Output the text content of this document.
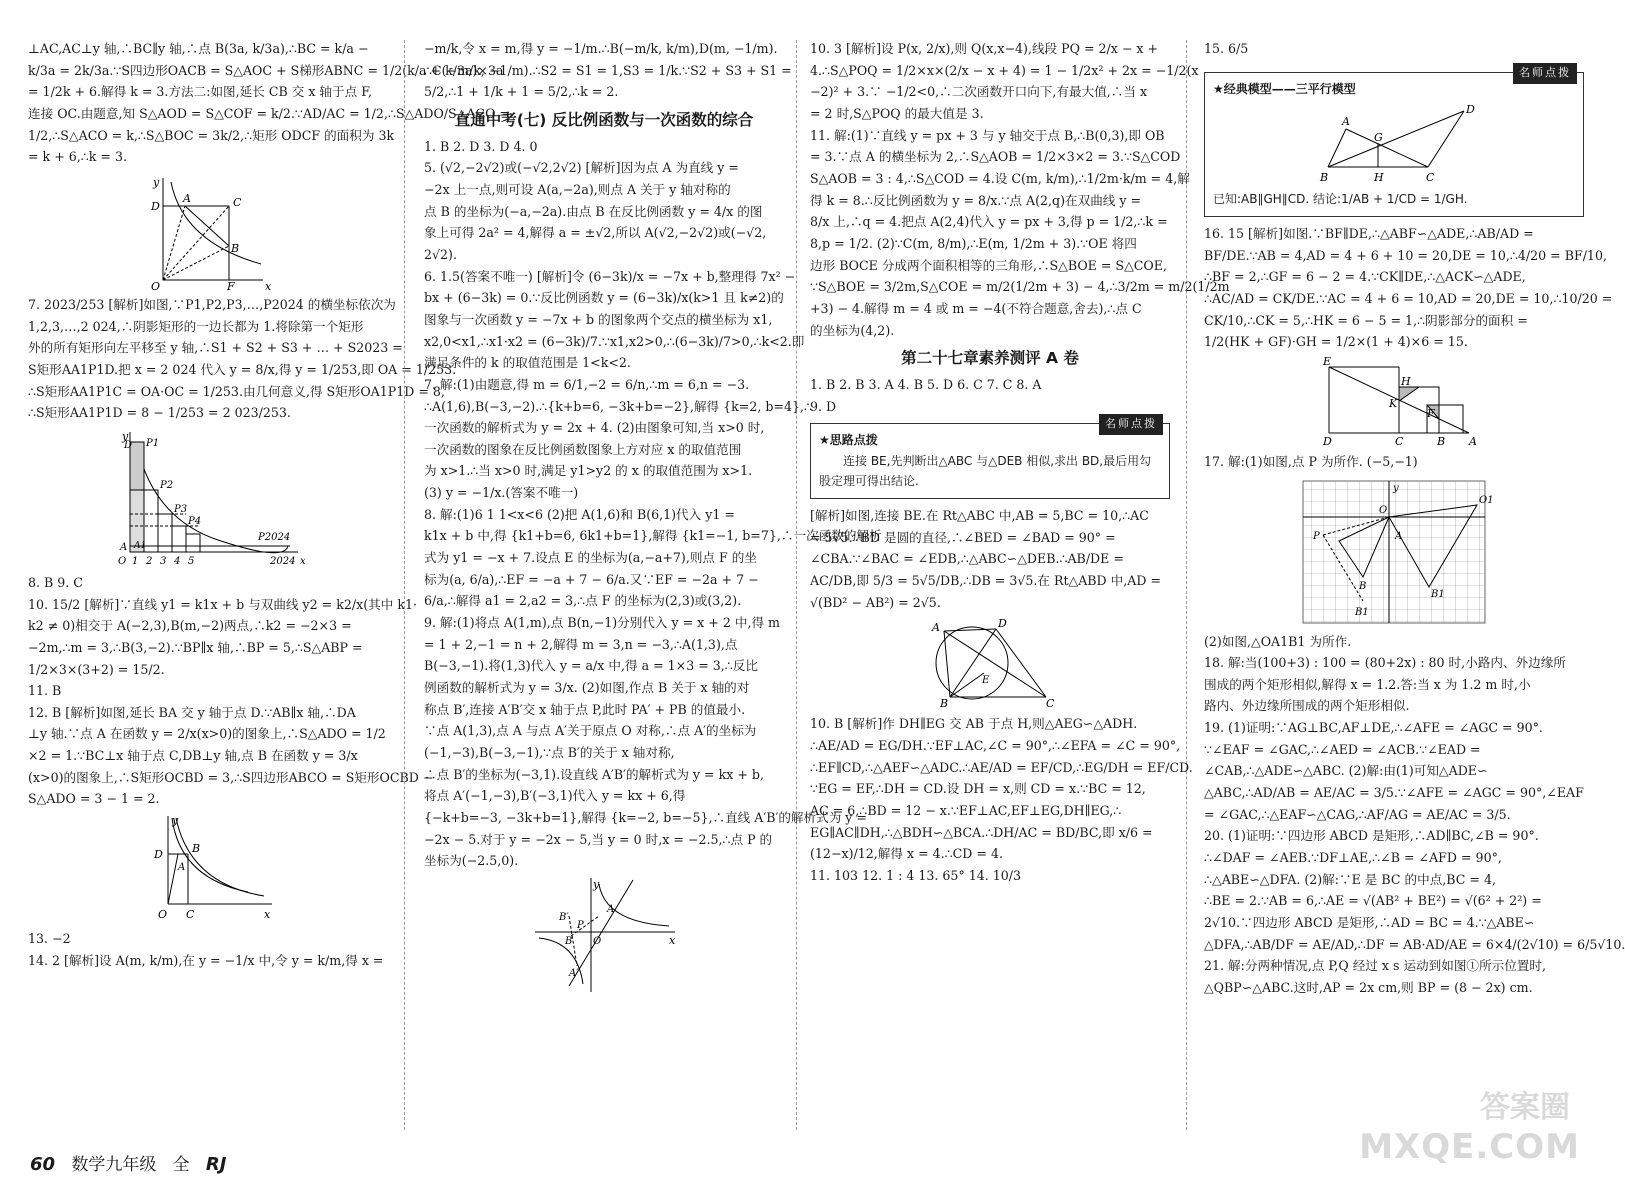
⊥AC,AC⊥y 轴,∴BC∥y 轴,∴点 B(3a, k/3a),∴BC = k/a −
k/3a = 2k/3a.∵S四边形OACB = S△AOC + S梯形ABNC = 1/2(k/a + k/3a)×3a
= 1/2k + 6.解得 k = 3.方法二:如图,延长 CB 交 x 轴于点 F,
连接 OC.由题意,知 S△AOD = S△COF = k/2.∵AD/AC = 1/2,∴S△ADO/S△ACO =
1/2,∴S△ACO = k,∴S△BOC = 3k/2,∴矩形 ODCF 的面积为 3k
= k + 6,∴k = 3.
y
x
O
D
A	C
B
F
7. 2023/253 [解析]如图,∵P1,P2,P3,…,P2024 的横坐标依次为
1,2,3,…,2 024,∴阴影矩形的一边长都为 1.将除第一个矩形
外的所有矩形向左平移至 y 轴,∴S1 + S2 + S3 + … + S2023 =
S矩形AA1P1D.把 x = 2 024 代入 y = 8/x,得 y = 1/253,即 OA = 1/253.
∴S矩形AA1P1C = OA·OC = 1/253.由几何意义,得 S矩形OA1P1D = 8,
∴S矩形AA1P1D = 8 − 1/253 = 2 023/253.
y
D P1
P2
P3
P4
P2024
A A1
O 1 2 3 4 5	2024 x
8. B 9. C
10. 15/2 [解析]∵直线 y1 = k1x + b 与双曲线 y2 = k2/x(其中 k1·
k2 ≠ 0)相交于 A(−2,3),B(m,−2)两点,∴k2 = −2×3 =
−2m,∴m = 3,∴B(3,−2).∵BP∥x 轴,∴BP = 5,∴S△ABP =
1/2×3×(3+2) = 15/2.
11. B
12. B [解析]如图,延长 BA 交 y 轴于点 D.∵AB∥x 轴,∴DA
⊥y 轴.∵点 A 在函数 y = 2/x(x>0)的图象上,∴S△ADO = 1/2
×2 = 1.∵BC⊥x 轴于点 C,DB⊥y 轴,点 B 在函数 y = 3/x
(x>0)的图象上,∴S矩形OCBD = 3,∴S四边形ABCO = S矩形OCBD −
S△ADO = 3 − 1 = 2.
D
A
B
C
O	x
y
13. −2
14. 2 [解析]设 A(m, k/m),在 y = −1/x 中,令 y = k/m,得 x =
−m/k,令 x = m,得 y = −1/m.∴B(−m/k, k/m),D(m, −1/m).
∴C(−m/k, −1/m).∴S2 = S1 = 1,S3 = 1/k.∵S2 + S3 + S1 =
5/2,∴1 + 1/k + 1 = 5/2,∴k = 2.
直通中考(七) 反比例函数与一次函数的综合
1. B 2. D 3. D 4. 0
5. (√2,−2√2)或(−√2,2√2) [解析]因为点 A 为直线 y =
−2x 上一点,则可设 A(a,−2a),则点 A 关于 y 轴对称的
点 B 的坐标为(−a,−2a).由点 B 在反比例函数 y = 4/x 的图
象上可得 2a² = 4,解得 a = ±√2,所以 A(√2,−2√2)或(−√2,
2√2).
6. 1.5(答案不唯一) [解析]令 (6−3k)/x = −7x + b,整理得 7x² −
bx + (6−3k) = 0.∵反比例函数 y = (6−3k)/x(k>1 且 k≠2)的
图象与一次函数 y = −7x + b 的图象两个交点的横坐标为 x1,
x2,0<x1,∴x1·x2 = (6−3k)/7.∵x1,x2>0,∴(6−3k)/7>0,∴k<2.即
满足条件的 k 的取值范围是 1<k<2.
7. 解:(1)由题意,得 m = 6/1,−2 = 6/n,∴m = 6,n = −3.
∴A(1,6),B(−3,−2).∴{k+b=6, −3k+b=−2},解得 {k=2, b=4},∴
一次函数的解析式为 y = 2x + 4. (2)由图象可知,当 x>0 时,
一次函数的图象在反比例函数图象上方对应 x 的取值范围
为 x>1.∴当 x>0 时,满足 y1>y2 的 x 的取值范围为 x>1.
(3) y = −1/x.(答案不唯一)
8. 解:(1)6 1 1<x<6 (2)把 A(1,6)和 B(6,1)代入 y1 =
k1x + b 中,得 {k1+b=6, 6k1+b=1},解得 {k1=−1, b=7},∴一次函数的解析
式为 y1 = −x + 7.设点 E 的坐标为(a,−a+7),则点 F 的坐
标为(a, 6/a),∴EF = −a + 7 − 6/a.又∵EF = −2a + 7 −
6/a,∴解得 a1 = 2,a2 = 3,∴点 F 的坐标为(2,3)或(3,2).
9. 解:(1)将点 A(1,m),点 B(n,−1)分别代入 y = x + 2 中,得 m
= 1 + 2,−1 = n + 2,解得 m = 3,n = −3,∴A(1,3),点
B(−3,−1).将(1,3)代入 y = a/x 中,得 a = 1×3 = 3,∴反比
例函数的解析式为 y = 3/x. (2)如图,作点 B 关于 x 轴的对
称点 B′,连接 A′B′交 x 轴于点 P,此时 PA′ + PB 的值最小.
∵点 A(1,3),点 A 与点 A′关于原点 O 对称,∴点 A′的坐标为
(−1,−3),B(−3,−1),∵点 B′的关于 x 轴对称,
∴点 B′的坐标为(−3,1).设直线 A′B′的解析式为 y = kx + b,
将点 A′(−1,−3),B′(−3,1)代入 y = kx + 6,得
{−k+b=−3, −3k+b=1},解得 {k=−2, b=−5},∴直线 A′B′的解析式为 y =
−2x − 5.对于 y = −2x − 5,当 y = 0 时,x = −2.5,∴点 P 的
坐标为(−2.5,0).
y
x
B′
B
P
A
A′
O
10. 3 [解析]设 P(x, 2/x),则 Q(x,x−4),线段 PQ = 2/x − x +
4.∴S△POQ = 1/2×x×(2/x − x + 4) = 1 − 1/2x² + 2x = −1/2(x
−2)² + 3.∵ −1/2<0,∴二次函数开口向下,有最大值,∴当 x
= 2 时,S△POQ 的最大值是 3.
11. 解:(1)∵直线 y = px + 3 与 y 轴交于点 B,∴B(0,3),即 OB
= 3.∵点 A 的横坐标为 2,∴S△AOB = 1/2×3×2 = 3.∵S△COD
S△AOB = 3 : 4,∴S△COD = 4.设 C(m, k/m),∴1/2m·k/m = 4,解
得 k = 8.∴反比例函数为 y = 8/x.∵点 A(2,q)在双曲线 y =
8/x 上,∴q = 4.把点 A(2,4)代入 y = px + 3,得 p = 1/2,∴k =
8,p = 1/2. (2)∵C(m, 8/m),∴E(m, 1/2m + 3).∵OE 将四
边形 BOCE 分成两个面积相等的三角形,∴S△BOE = S△COE,
∵S△BOE = 3/2m,S△COE = m/2(1/2m + 3) − 4,∴3/2m = m/2(1/2m
+3) − 4.解得 m = 4 或 m = −4(不符合题意,舍去),∴点 C
的坐标为(4,2).
第二十七章素养测评 A 卷
1. B 2. B 3. A 4. B 5. D 6. C 7. C 8. A
9. D
名师点拨
★思路点拨
连接 BE,先判断出△ABC 与△DEB 相似,求出 BD,最后用勾股定理可得出结论.
[解析]如图,连接 BE.在 Rt△ABC 中,AB = 5,BC = 10,∴AC
= 5√5.∵BD 是圆的直径,∴∠BED = ∠BAD = 90° =
∠CBA.∵∠BAC = ∠EDB,∴△ABC∽△DEB.∴AB/DE =
AC/DB,即 5/3 = 5√5/DB,∴DB = 3√5.在 Rt△ABD 中,AD =
√(BD² − AB²) = 2√5.
A	D
B	C
E
10. B [解析]作 DH∥EG 交 AB 于点 H,则△AEG∽△ADH.
∴AE/AD = EG/DH.∵EF⊥AC,∠C = 90°,∴∠EFA = ∠C = 90°,
∴EF∥CD,∴△AEF∽△ADC.∴AE/AD = EF/CD,∴EG/DH = EF/CD.
∵EG = EF,∴DH = CD.设 DH = x,则 CD = x.∵BC = 12,
AC = 6,∴BD = 12 − x.∵EF⊥AC,EF⊥EG,DH∥EG,∴
EG∥AC∥DH,∴△BDH∽△BCA.∴DH/AC = BD/BC,即 x/6 =
(12−x)/12,解得 x = 4.∴CD = 4.
11. 103 12. 1 : 4 13. 65° 14. 10/3
15. 6/5
名师点拨
★经典模型——三平行模型
A
D
G
B	H	C
已知:AB∥GH∥CD. 结论:1/AB + 1/CD = 1/GH.
16. 15 [解析]如图.∵BF∥DE,∴△ABF∽△ADE,∴AB/AD =
BF/DE.∵AB = 4,AD = 4 + 6 + 10 = 20,DE = 10,∴4/20 = BF/10,
∴BF = 2,∴GF = 6 − 2 = 4.∵CK∥DE,∴△ACK∽△ADE,
∴AC/AD = CK/DE.∵AC = 4 + 6 = 10,AD = 20,DE = 10,∴10/20 =
CK/10,∴CK = 5,∴HK = 6 − 5 = 1,∴阴影部分的面积 =
1/2(HK + GF)·GH = 1/2×(1 + 4)×6 = 15.
E
H
K
F
D	C	B A
17. 解:(1)如图,点 P 为所作. (−5,−1)
O1
O
P	A
B
B1
B1
y
(2)如图,△OA1B1 为所作.
18. 解:当(100+3) : 100 = (80+2x) : 80 时,小路内、外边缘所
围成的两个矩形相似,解得 x = 1.2.答:当 x 为 1.2 m 时,小
路内、外边缘所围成的两个矩形相似.
19. (1)证明:∵AG⊥BC,AF⊥DE,∴∠AFE = ∠AGC = 90°.
∵∠EAF = ∠GAC,∴∠AED = ∠ACB.∵∠EAD =
∠CAB,∴△ADE∽△ABC. (2)解:由(1)可知△ADE∽
△ABC,∴AD/AB = AE/AC = 3/5.∵∠AFE = ∠AGC = 90°,∠EAF
= ∠GAC,∴△EAF∽△CAG,∴AF/AG = AE/AC = 3/5.
20. (1)证明:∵四边形 ABCD 是矩形,∴AD∥BC,∠B = 90°.
∴∠DAF = ∠AEB.∵DF⊥AE,∴∠B = ∠AFD = 90°,
∴△ABE∽△DFA. (2)解:∵E 是 BC 的中点,BC = 4,
∴BE = 2.∵AB = 6,∴AE = √(AB² + BE²) = √(6² + 2²) =
2√10.∵四边形 ABCD 是矩形,∴AD = BC = 4.∵△ABE∽
△DFA,∴AB/DF = AE/AD,∴DF = AB·AD/AE = 6×4/(2√10) = 6/5√10.
21. 解:分两种情况,点 P,Q 经过 x s 运动到如图①所示位置时,
△QBP∽△ABC.这时,AP = 2x cm,则 BP = (8 − 2x) cm.
60 数学九年级 全 RJ
答案圈
MXQE.COM
